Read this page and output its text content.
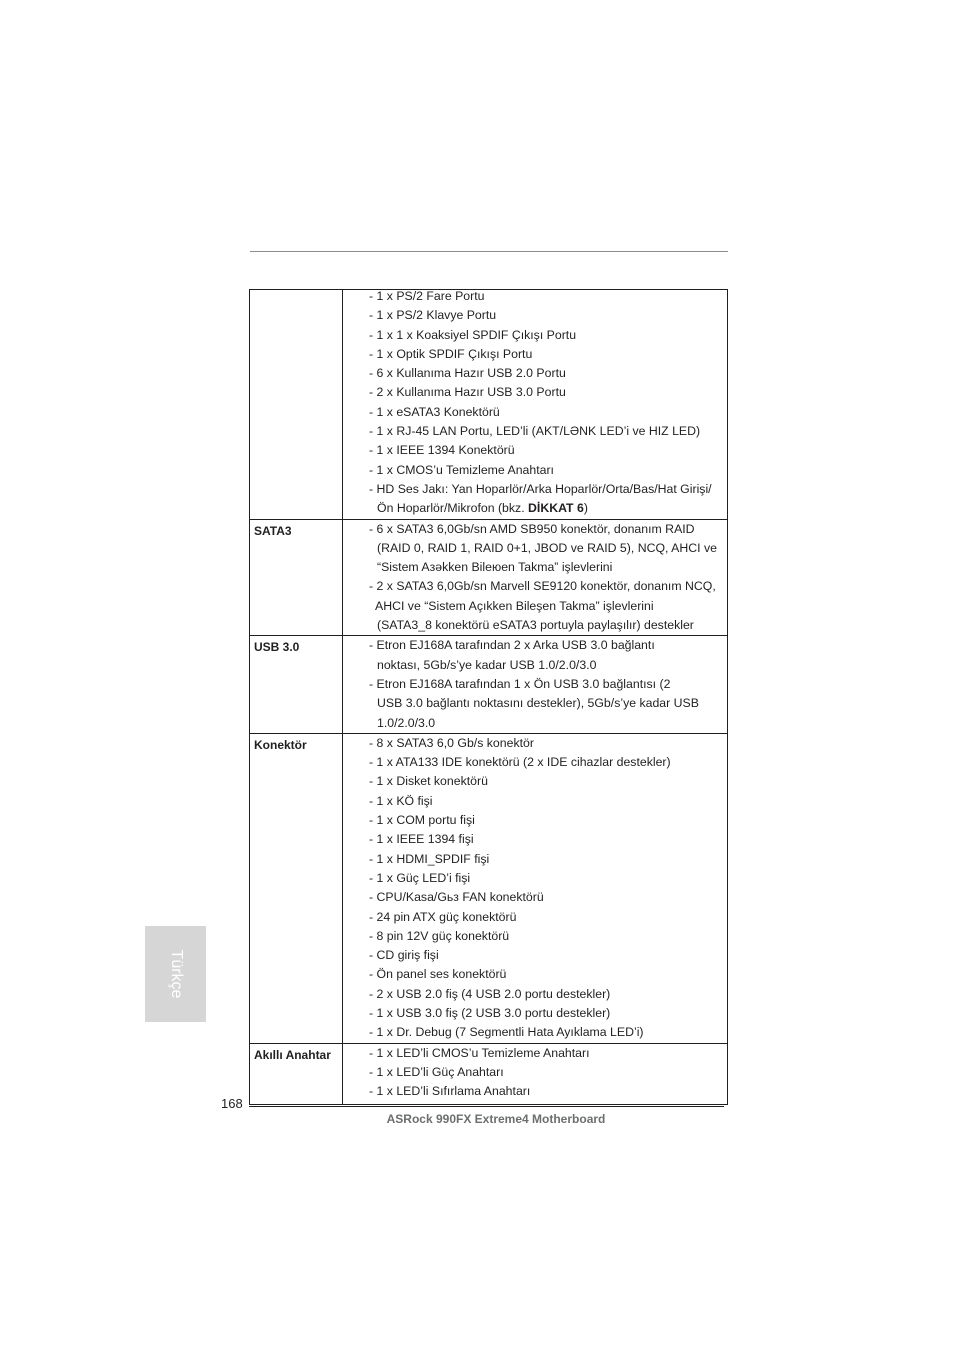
- 1 x PS/2 Fare Portu
- 1 x PS/2 Klavye Portu
- 1 x 1 x Koaksiyel SPDIF Çıkışı Portu
- 1 x Optik SPDIF Çıkışı Portu
- 6 x Kullanıma Hazır USB 2.0 Portu
- 2 x Kullanıma Hazır USB 3.0 Portu
- 1 x eSATA3 Konektörü
- 1 x RJ-45 LAN Portu, LED’li (AKT/LƏNK LED’i ve HIZ LED)
- 1 x IEEE 1394 Konektörü
- 1 x CMOS’u Temizleme Anahtarı
- HD Ses Jakı: Yan Hoparlör/Arka Hoparlör/Orta/Bas/Hat Girişi/
Ön Hoparlör/Mikrofon (bkz. DİKKAT 6)
SATA3	- 6 x SATA3 6,0Gb/sn AMD SB950 konektör, donanım RAID
(RAID 0, RAID 1, RAID 0+1, JBOD ve RAID 5), NCQ, AHCI ve
“Sistem Aзəkken Bileюen Takma” işlevlerini
- 2 x SATA3 6,0Gb/sn Marvell SE9120 konektör, donanım NCQ,
AHCI ve “Sistem Açıkken Bileşen Takma” işlevlerini
(SATA3_8 konektörü eSATA3 portuyla paylaşılır) destekler
USB 3.0	- Etron EJ168A tarafından 2 x Arka USB 3.0 bağlantı
noktası, 5Gb/s’ye kadar USB 1.0/2.0/3.0
- Etron EJ168A tarafından 1 x Ön USB 3.0 bağlantısı (2
USB 3.0 bağlantı noktasını destekler), 5Gb/s’ye kadar USB
1.0/2.0/3.0
Konektör	- 8 x SATA3 6,0 Gb/s konektör
- 1 x ATA133 IDE konektörü (2 x IDE cihazlar destekler)
- 1 x Disket konektörü
- 1 x KÖ fişi
- 1 x COM portu fişi
- 1 x IEEE 1394 fişi
- 1 x HDMI_SPDIF fişi
- 1 x Güç LED’i fişi
- CPU/Kasa/Gьз FAN konektörü
- 24 pin ATX güç konektörü
- 8 pin 12V güç konektörü
- CD giriş fişi
- Ön panel ses konektörü
- 2 x USB 2.0 fiş (4 USB 2.0 portu destekler)
- 1 x USB 3.0 fiş (2 USB 3.0 portu destekler)
- 1 x Dr. Debug (7 Segmentli Hata Ayıklama LED’i)
Akıllı Anahtar	- 1 x LED’li CMOS’u Temizleme Anahtarı
- 1 x LED’li Güç Anahtarı
- 1 x LED’li Sıfırlama Anahtarı
Türkçe
168
ASRock 990FX Extreme4 Motherboard
